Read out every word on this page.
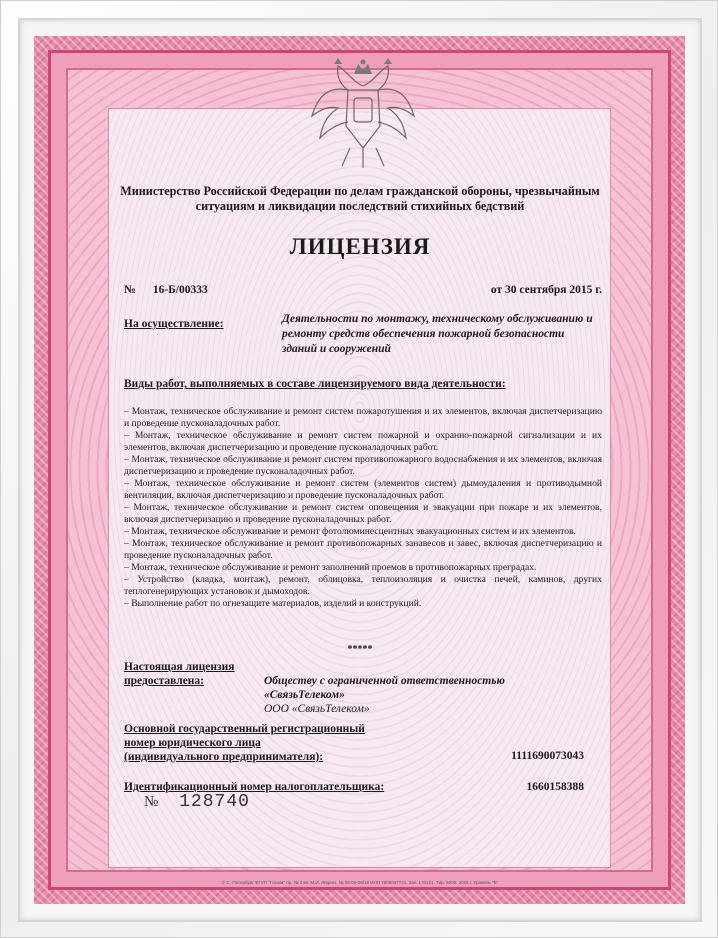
Министерство Российской Федерации по делам гражданской обороны, чрезвычайным ситуациям и ликвидации последствий стихийных бедствий
ЛИЦЕНЗИЯ
№ 16-Б/00333	от 30 сентября 2015 г.
На осуществление:	Деятельности по монтажу, техническому обслуживанию и ремонту средств обеспечения пожарной безопасности зданий и сооружений
Виды работ, выполняемых в составе лицензируемого вида деятельности:
– Монтаж, техническое обслуживание и ремонт систем пожаротушения и их элементов, включая диспетчеризацию и проведение пусконаладочных работ.
– Монтаж, техническое обслуживание и ремонт систем пожарной и охранно-пожарной сигнализации и их элементов, включая диспетчеризацию и проведение пусконаладочных работ.
– Монтаж, техническое обслуживание и ремонт систем противопожарного водоснабжения и их элементов, включая диспетчеризацию и проведение пусконаладочных работ.
– Монтаж, техническое обслуживание и ремонт систем (элементов систем) дымоудаления и противодымной вентиляции, включая диспетчеризацию и проведение пусконаладочных работ.
– Монтаж, техническое обслуживание и ремонт систем оповещения и эвакуации при пожаре и их элементов, включая диспетчеризацию и проведение пусконаладочных работ.
– Монтаж, техническое обслуживание и ремонт фотолюминесцентных эвакуационных систем и их элементов.
– Монтаж, техническое обслуживание и ремонт противопожарных занавесов и завес, включая диспетчеризацию и проведение пусконаладочных работ.
– Монтаж, техническое обслуживание и ремонт заполнений проемов в противопожарных преградах.
– Устройство (кладка, монтаж), ремонт, облицовка, теплоизоляция и очистка печей, каминов, других теплогенерирующих установок и дымоходов.
– Выполнение работ по огнезащите материалов, изделий и конструкций.
*****
Настоящая лицензия
предоставлена:	Обществу с ограниченной ответственностью
«СвязьТелеком»
ООО «СвязьТелеком»
Основной государственный регистрационный
номер юридического лица
(индивидуального предпринимателя):	1111690073043
Идентификационный номер налогоплательщика:	1660158388
№ 128740
© С.-Петербург ФГУП "Гознак" пр. № 2 кв. М.И. Лиценз. № 05-05-09/19 ИНН 7808037741. Зак. 170121. Тир. 5000. 2015 г. Уровень "Б"
